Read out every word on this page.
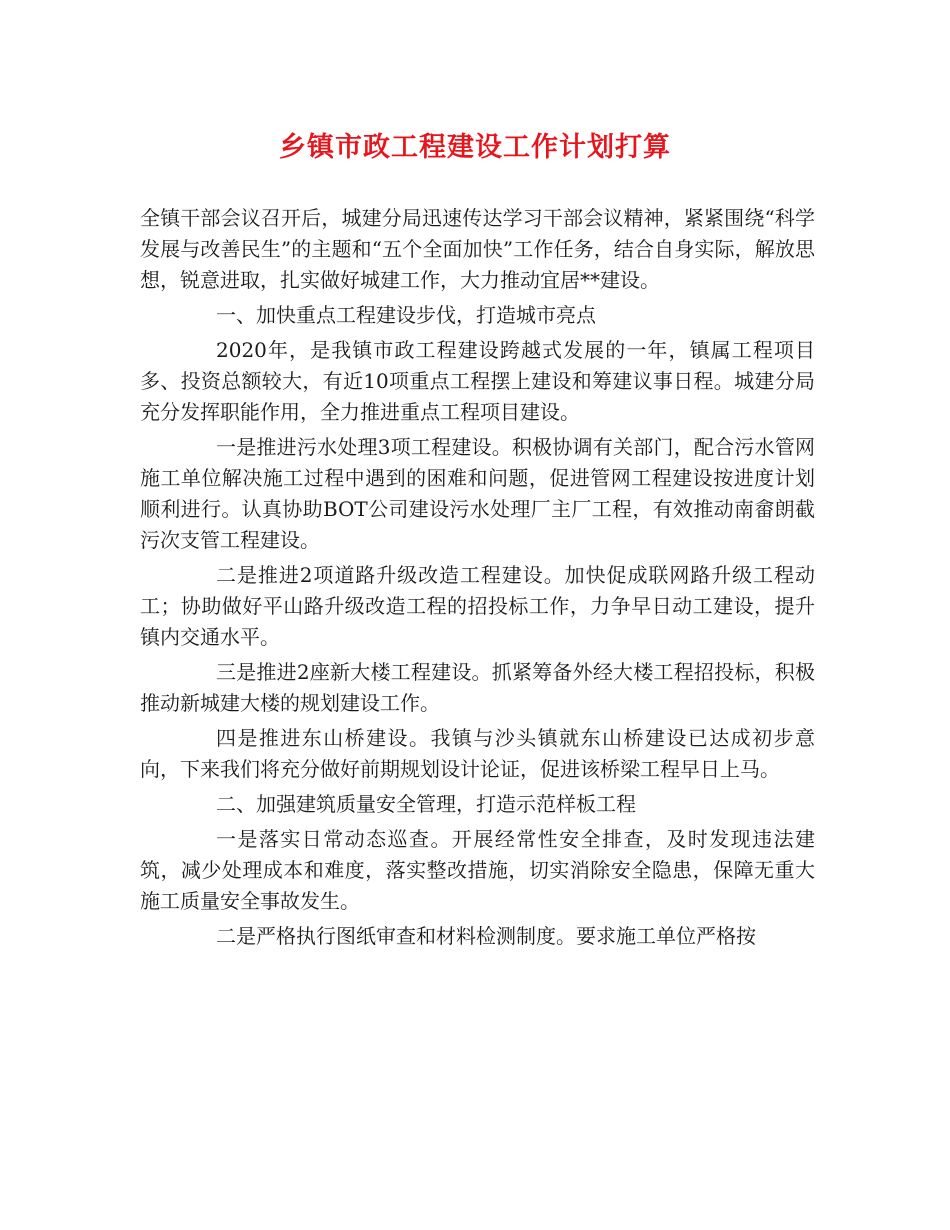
乡镇市政工程建设工作计划打算

全镇干部会议召开后，城建分局迅速传达学习干部会议精神，紧紧围绕“科学发展与改善民生”的主题和“五个全面加快”工作任务，结合自身实际，解放思想，锐意进取，扎实做好城建工作，大力推动宜居**建设。

一、加快重点工程建设步伐，打造城市亮点

2020年，是我镇市政工程建设跨越式发展的一年，镇属工程项目多、投资总额较大，有近10项重点工程摆上建设和筹建议事日程。城建分局充分发挥职能作用，全力推进重点工程项目建设。

一是推进污水处理3项工程建设。积极协调有关部门，配合污水管网施工单位解决施工过程中遇到的困难和问题，促进管网工程建设按进度计划顺利进行。认真协助BOT公司建设污水处理厂主厂工程，有效推动南畲朗截污次支管工程建设。

二是推进2项道路升级改造工程建设。加快促成联网路升级工程动工；协助做好平山路升级改造工程的招投标工作，力争早日动工建设，提升镇内交通水平。

三是推进2座新大楼工程建设。抓紧筹备外经大楼工程招投标，积极推动新城建大楼的规划建设工作。

四是推进东山桥建设。我镇与沙头镇就东山桥建设已达成初步意向，下来我们将充分做好前期规划设计论证，促进该桥梁工程早日上马。

二、加强建筑质量安全管理，打造示范样板工程

一是落实日常动态巡查。开展经常性安全排查，及时发现违法建筑，减少处理成本和难度，落实整改措施，切实消除安全隐患，保障无重大施工质量安全事故发生。

二是严格执行图纸审查和材料检测制度。要求施工单位严格按
